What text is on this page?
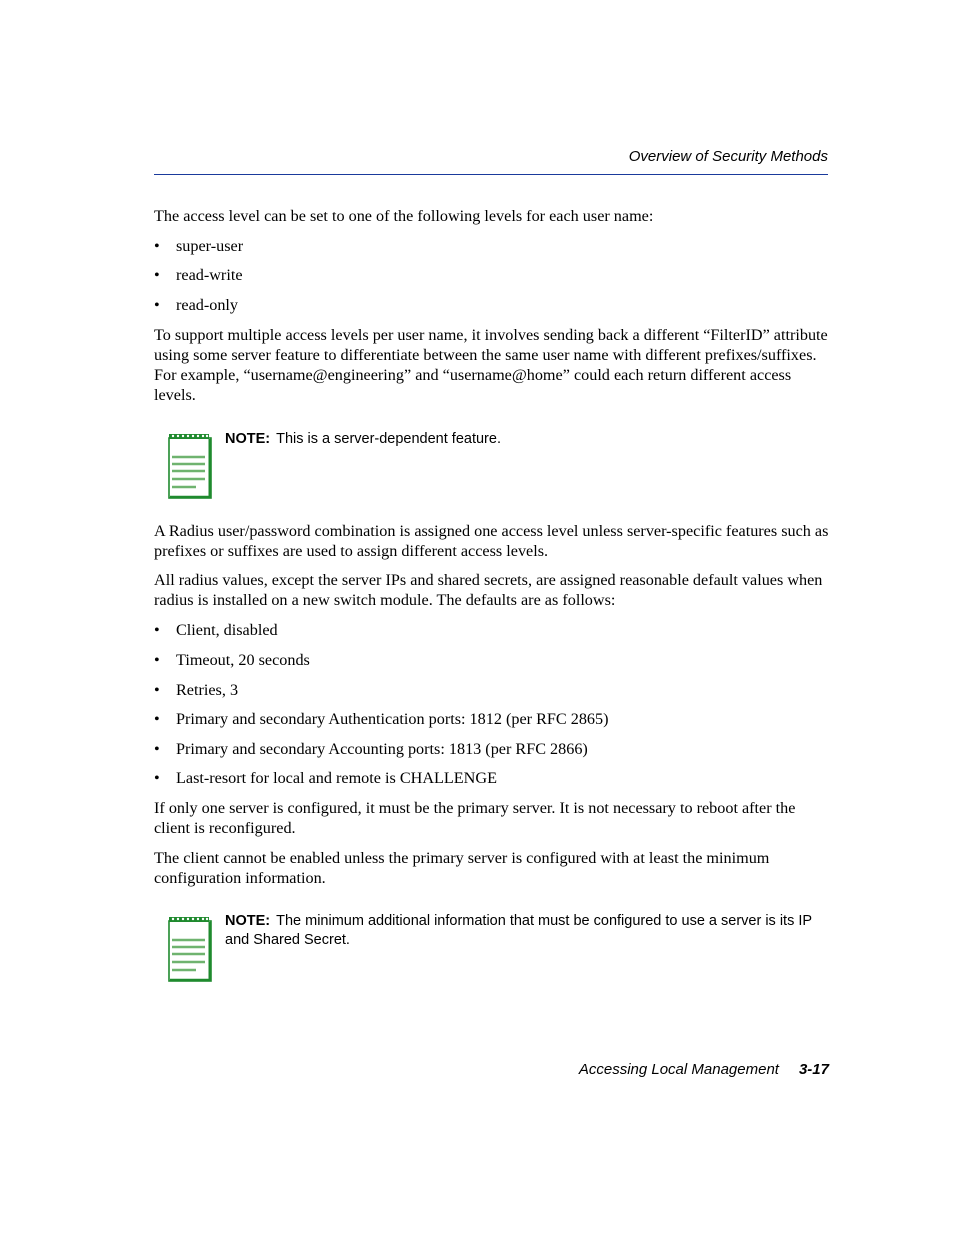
Overview of Security Methods

The access level can be set to one of the following levels for each user name:

• super-user
• read-write
• read-only

To support multiple access levels per user name, it involves sending back a different “FilterID” attribute using some server feature to differentiate between the same user name with different prefixes/suffixes. For example, “username@engineering” and “username@home” could each return different access levels.

NOTE: This is a server-dependent feature.

A Radius user/password combination is assigned one access level unless server-specific features such as prefixes or suffixes are used to assign different access levels.

All radius values, except the server IPs and shared secrets, are assigned reasonable default values when radius is installed on a new switch module. The defaults are as follows:

• Client, disabled
• Timeout, 20 seconds
• Retries, 3
• Primary and secondary Authentication ports: 1812 (per RFC 2865)
• Primary and secondary Accounting ports: 1813 (per RFC 2866)
• Last-resort for local and remote is CHALLENGE

If only one server is configured, it must be the primary server. It is not necessary to reboot after the client is reconfigured.

The client cannot be enabled unless the primary server is configured with at least the minimum configuration information.

NOTE: The minimum additional information that must be configured to use a server is its IP and Shared Secret.
Accessing Local Management 3-17
